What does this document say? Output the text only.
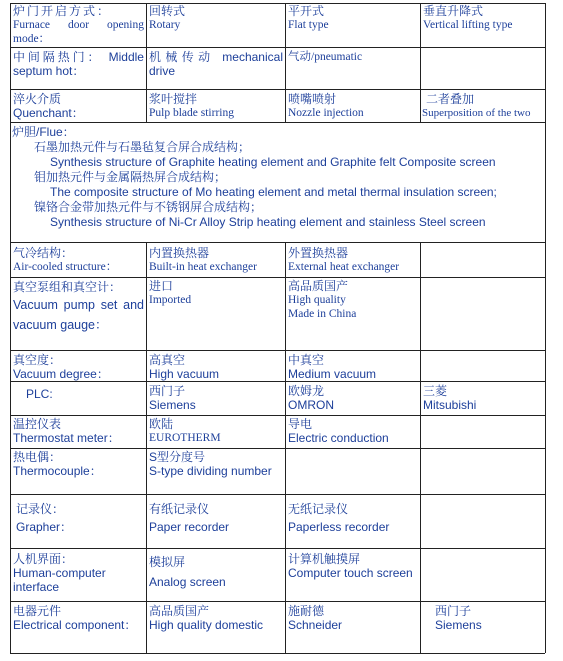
炉门开启方式：
Furnace door opening mode：
回转式
Rotary
平开式
Flat type
垂直升降式
Vertical lifting type
中间隔热门： Middle septum hot：
机械传动 mechanical drive
气动/pneumatic
淬火介质
Quenchant：
浆叶搅拌
Pulp blade stirring
喷嘴喷射
Nozzle injection
二者叠加
Superposition of the two
炉胆/Flue：
石墨加热元件与石墨毡复合屏合成结构；
Synthesis structure of Graphite heating element and Graphite felt Composite screen
钼加热元件与金属隔热屏合成结构；
The composite structure of Mo heating element and metal thermal insulation screen;
镍铬合金带加热元件与不锈钢屏合成结构；
Synthesis structure of Ni-Cr Alloy Strip heating element and stainless Steel screen
气冷结构：
Air-cooled structure：
内置换热器
Built-in heat exchanger
外置换热器
External heat exchanger
真空泵组和真空计：
Vacuum pump set and vacuum gauge：
进口
Imported
高品质国产
High quality
Made in China
真空度：
Vacuum degree：
高真空
High vacuum
中真空
Medium vacuum
PLC:	西门子
Siemens
欧姆龙
OMRON
三菱
Mitsubishi
温控仪表
Thermostat meter：
欧陆
EUROTHERM
导电
Electric conduction
热电偶：
Thermocouple：
S型分度号
S-type dividing number
记录仪：
Grapher：
有纸记录仪
Paper recorder
无纸记录仪
Paperless recorder
人机界面：
Human-computer interface
模拟屏
Analog screen
计算机触摸屏
Computer touch screen
电器元件
Electrical component：
高品质国产
High quality domestic
施耐德
Schneider
西门子
Siemens
